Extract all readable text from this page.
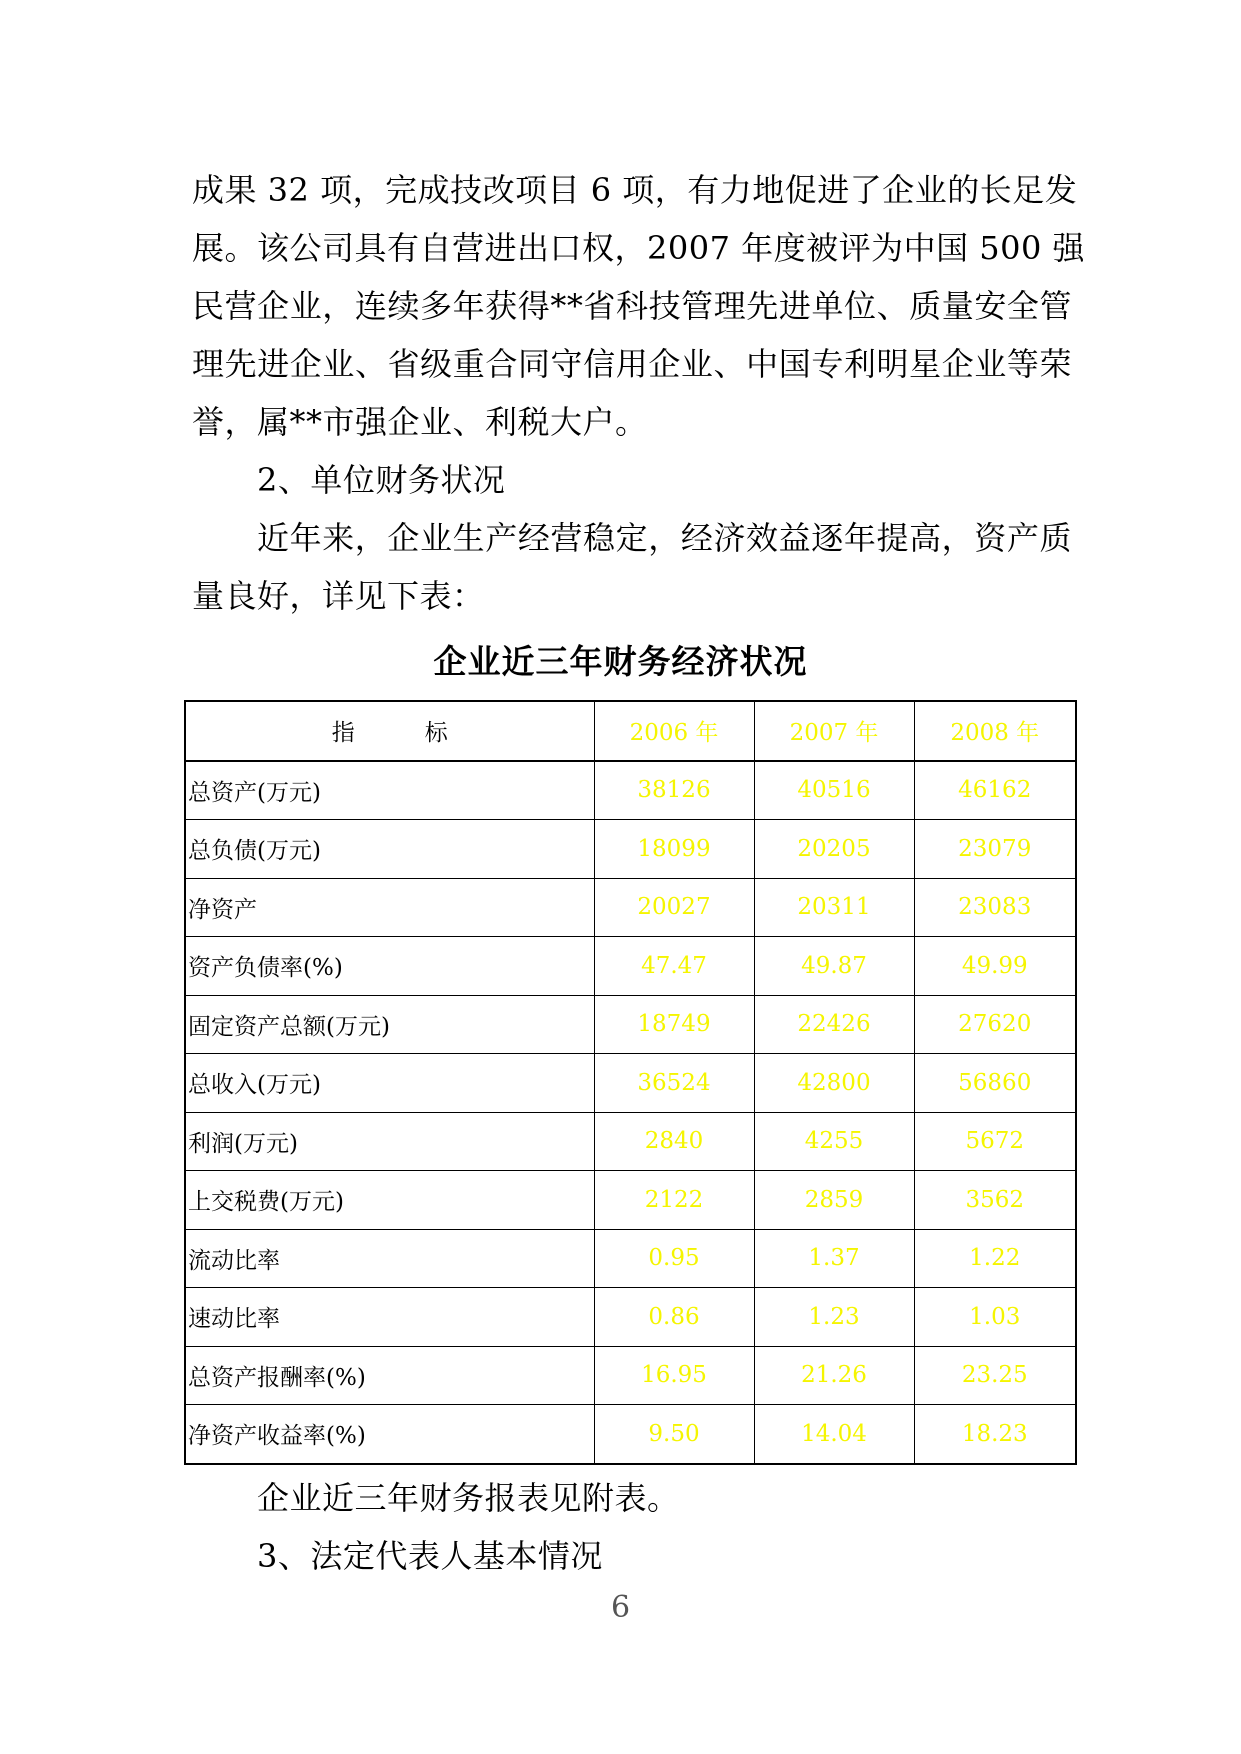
成果 32 项，完成技改项目 6 项，有力地促进了企业的长足发
展。该公司具有自营进出口权，2007 年度被评为中国 500 强
民营企业，连续多年获得**省科技管理先进单位、质量安全管
理先进企业、省级重合同守信用企业、中国专利明星企业等荣
誉，属**市强企业、利税大户。
2、单位财务状况
近年来，企业生产经营稳定，经济效益逐年提高，资产质
量良好，详见下表：
企业近三年财务经济状况
指 标	2006 年	2007 年	2008 年
总资产(万元)	38126	40516	46162
总负债(万元)	18099	20205	23079
净资产	20027	20311	23083
资产负债率(%)	47.47	49.87	49.99
固定资产总额(万元)	18749	22426	27620
总收入(万元)	36524	42800	56860
利润(万元)	2840	4255	5672
上交税费(万元)	2122	2859	3562
流动比率	0.95	1.37	1.22
速动比率	0.86	1.23	1.03
总资产报酬率(%)	16.95	21.26	23.25
净资产收益率(%)	9.50	14.04	18.23
企业近三年财务报表见附表。
3、法定代表人基本情况
6
